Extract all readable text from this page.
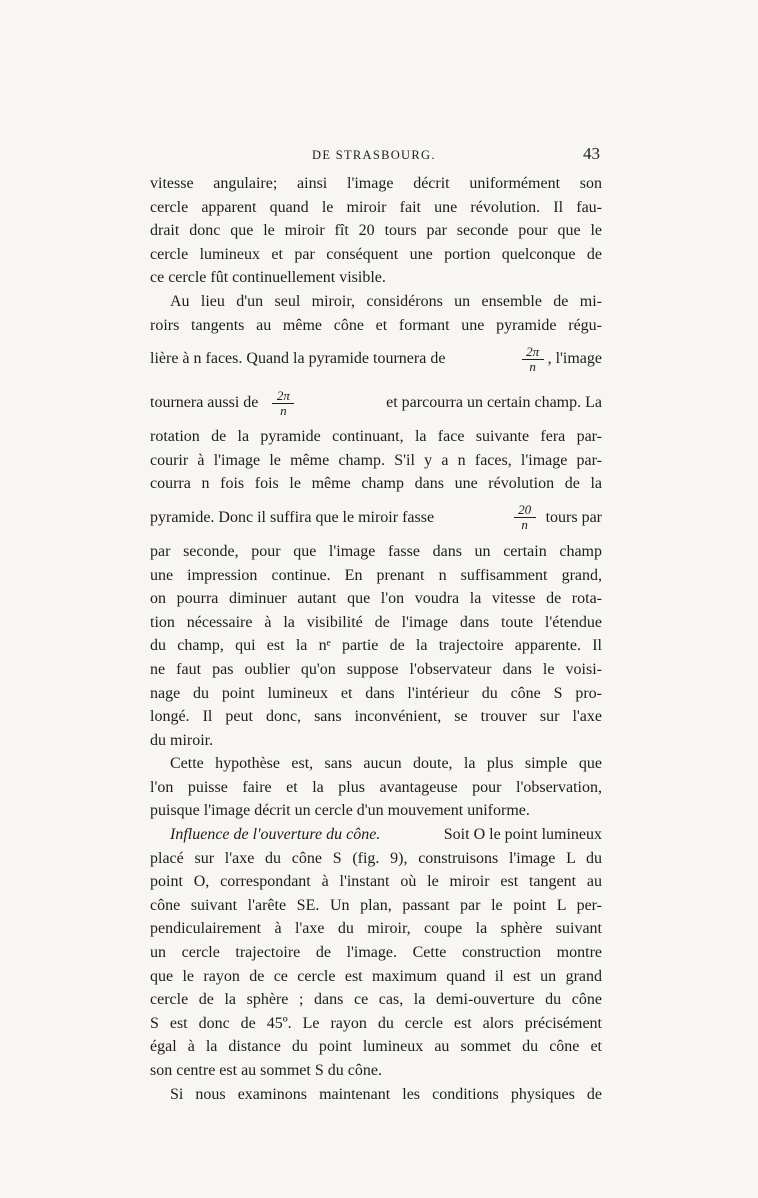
DE STRASBOURG.	43
vitesse angulaire; ainsi l'image décrit uniformément son
cercle apparent quand le miroir fait une révolution. Il fau-
drait donc que le miroir fît 20 tours par seconde pour que le
cercle lumineux et par conséquent une portion quelconque de
ce cercle fût continuellement visible.
Au lieu d'un seul miroir, considérons un ensemble de mi-
roirs tangents au même cône et formant une pyramide régu-
lière à n faces. Quand la pyramide tournera de	$\frac{2\pi}{n}$ , l'image
tournera aussi de $\frac{2\pi}{n}$	et parcourra un certain champ. La
rotation de la pyramide continuant, la face suivante fera par-
courir à l'image le même champ. S'il y a n faces, l'image par-
courra n fois fois le même champ dans une révolution de la
pyramide. Donc il suffira que le miroir fasse	$\frac{20}{n}$ tours par
par seconde, pour que l'image fasse dans un certain champ
une impression continue. En prenant n suffisamment grand,
on pourra diminuer autant que l'on voudra la vitesse de rota-
tion nécessaire à la visibilité de l'image dans toute l'étendue
du champ, qui est la nᵉ partie de la trajectoire apparente. Il
ne faut pas oublier qu'on suppose l'observateur dans le voisi-
nage du point lumineux et dans l'intérieur du cône S pro-
longé. Il peut donc, sans inconvénient, se trouver sur l'axe
du miroir.
Cette hypothèse est, sans aucun doute, la plus simple que
l'on puisse faire et la plus avantageuse pour l'observation,
puisque l'image décrit un cercle d'un mouvement uniforme.
Influence de l'ouverture du cône.	Soit O le point lumineux
placé sur l'axe du cône S (fig. 9), construisons l'image L du
point O, correspondant à l'instant où le miroir est tangent au
cône suivant l'arête SE. Un plan, passant par le point L per-
pendiculairement à l'axe du miroir, coupe la sphère suivant
un cercle trajectoire de l'image. Cette construction montre
que le rayon de ce cercle est maximum quand il est un grand
cercle de la sphère ; dans ce cas, la demi-ouverture du cône
S est donc de 45º. Le rayon du cercle est alors précisément
égal à la distance du point lumineux au sommet du cône et
son centre est au sommet S du cône.
Si nous examinons maintenant les conditions physiques de
